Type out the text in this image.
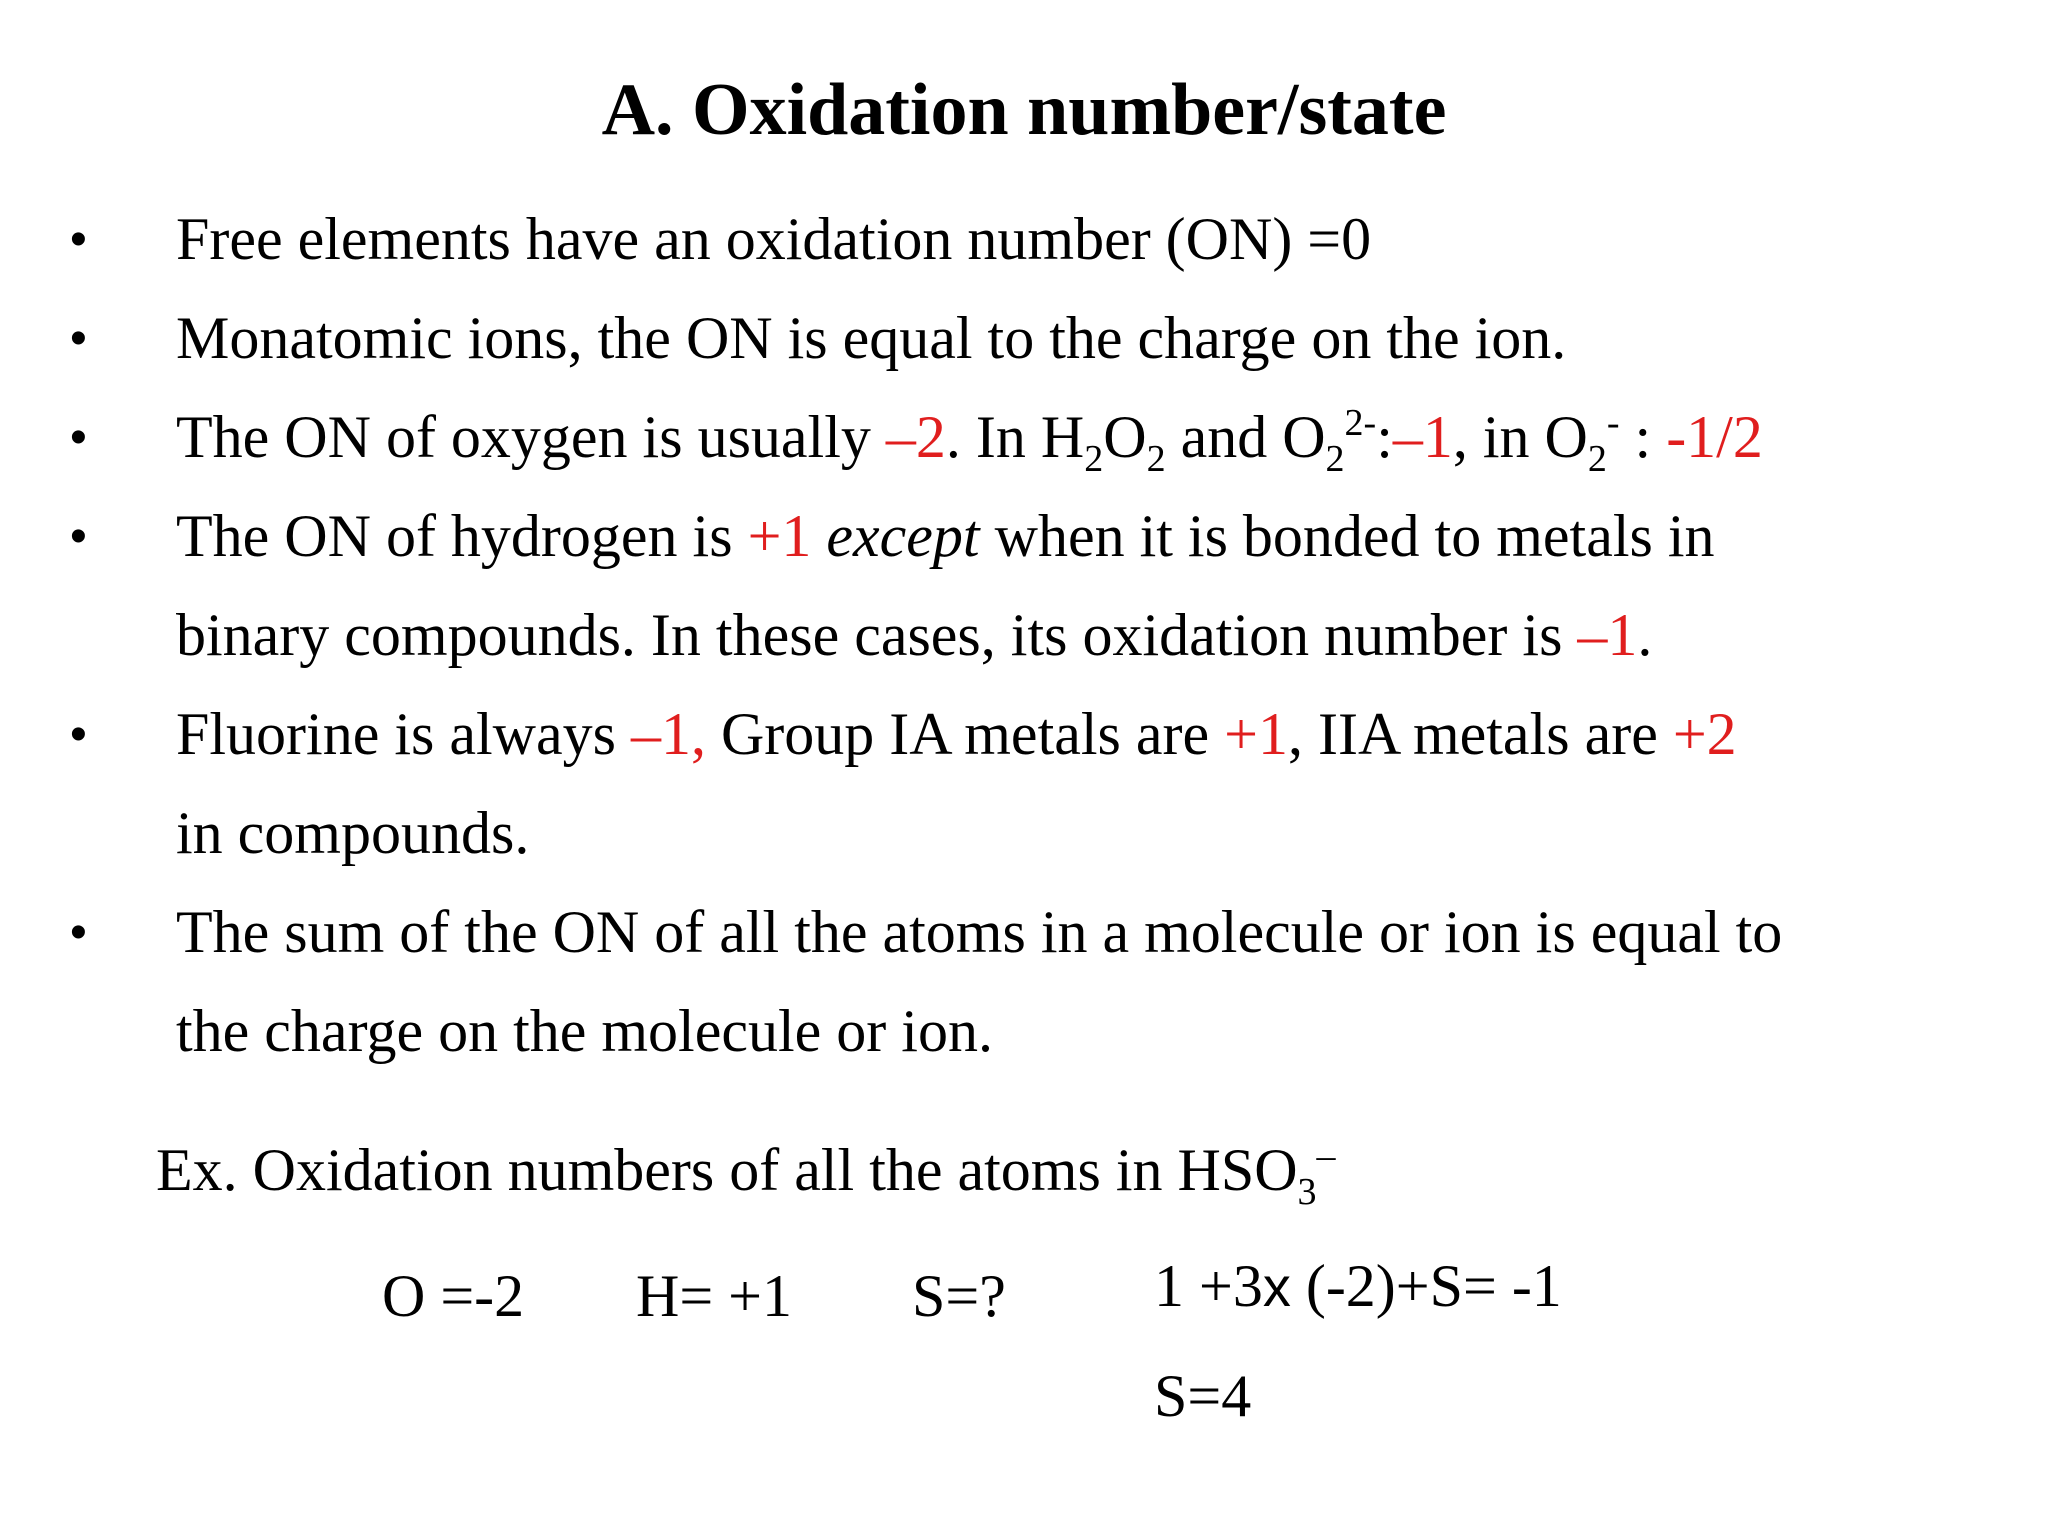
A. Oxidation number/state
• Free elements have an oxidation number (ON) =0
• Monatomic ions, the ON is equal to the charge on the ion.
• The ON of oxygen is usually –2. In $H_2O_2$ and $O_2^{2-}:-1$, in $O_2^-$ : -1/2
• The ON of hydrogen is +1 except when it is bonded to metals in
binary compounds. In these cases, its oxidation number is –1.
• Fluorine is always –1, Group IA metals are +1, IIA metals are +2
in compounds.
• The sum of the ON of all the atoms in a molecule or ion is equal to
the charge on the molecule or ion.
Ex. Oxidation numbers of all the atoms in $HSO_3^-$
O =-2 H= +1 S=? 1 +3x (-2)+S= -1
S=4
